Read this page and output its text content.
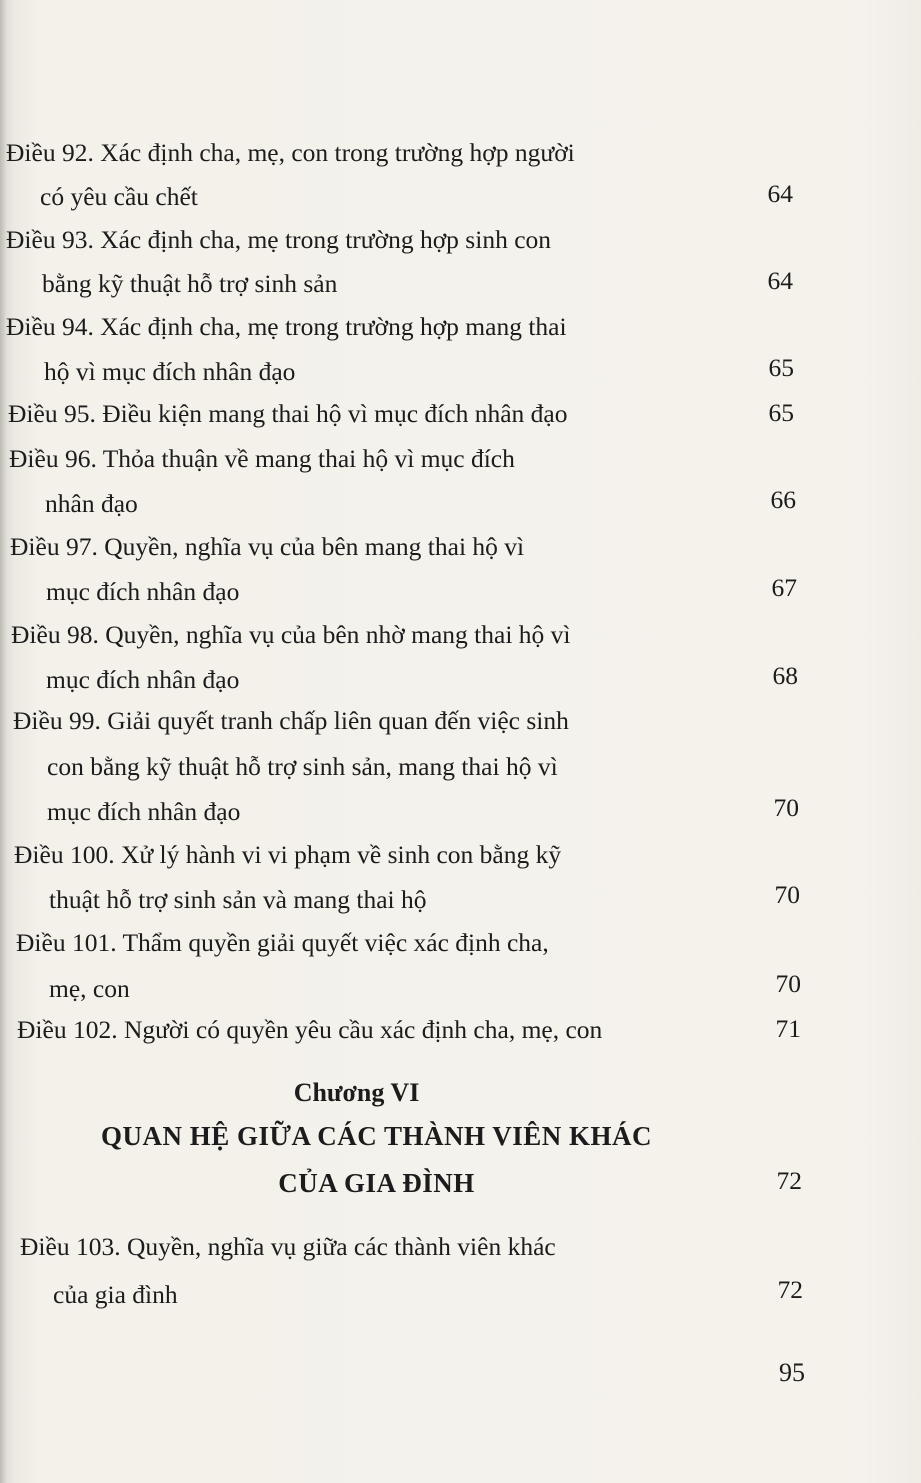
Điều 92. Xác định cha, mẹ, con trong trường hợp người
có yêu cầu chết	64
Điều 93. Xác định cha, mẹ trong trường hợp sinh con
bằng kỹ thuật hỗ trợ sinh sản	64
Điều 94. Xác định cha, mẹ trong trường hợp mang thai
hộ vì mục đích nhân đạo	65
Điều 95. Điều kiện mang thai hộ vì mục đích nhân đạo	65
Điều 96. Thỏa thuận về mang thai hộ vì mục đích
nhân đạo	66
Điều 97. Quyền, nghĩa vụ của bên mang thai hộ vì
mục đích nhân đạo	67
Điều 98. Quyền, nghĩa vụ của bên nhờ mang thai hộ vì
mục đích nhân đạo	68
Điều 99. Giải quyết tranh chấp liên quan đến việc sinh
con bằng kỹ thuật hỗ trợ sinh sản, mang thai hộ vì
mục đích nhân đạo	70
Điều 100. Xử lý hành vi vi phạm về sinh con bằng kỹ
thuật hỗ trợ sinh sản và mang thai hộ	70
Điều 101. Thẩm quyền giải quyết việc xác định cha,
mẹ, con	70
Điều 102. Người có quyền yêu cầu xác định cha, mẹ, con	71
Chương VI
QUAN HỆ GIỮA CÁC THÀNH VIÊN KHÁC
CỦA GIA ĐÌNH	72
Điều 103. Quyền, nghĩa vụ giữa các thành viên khác
của gia đình	72
95
